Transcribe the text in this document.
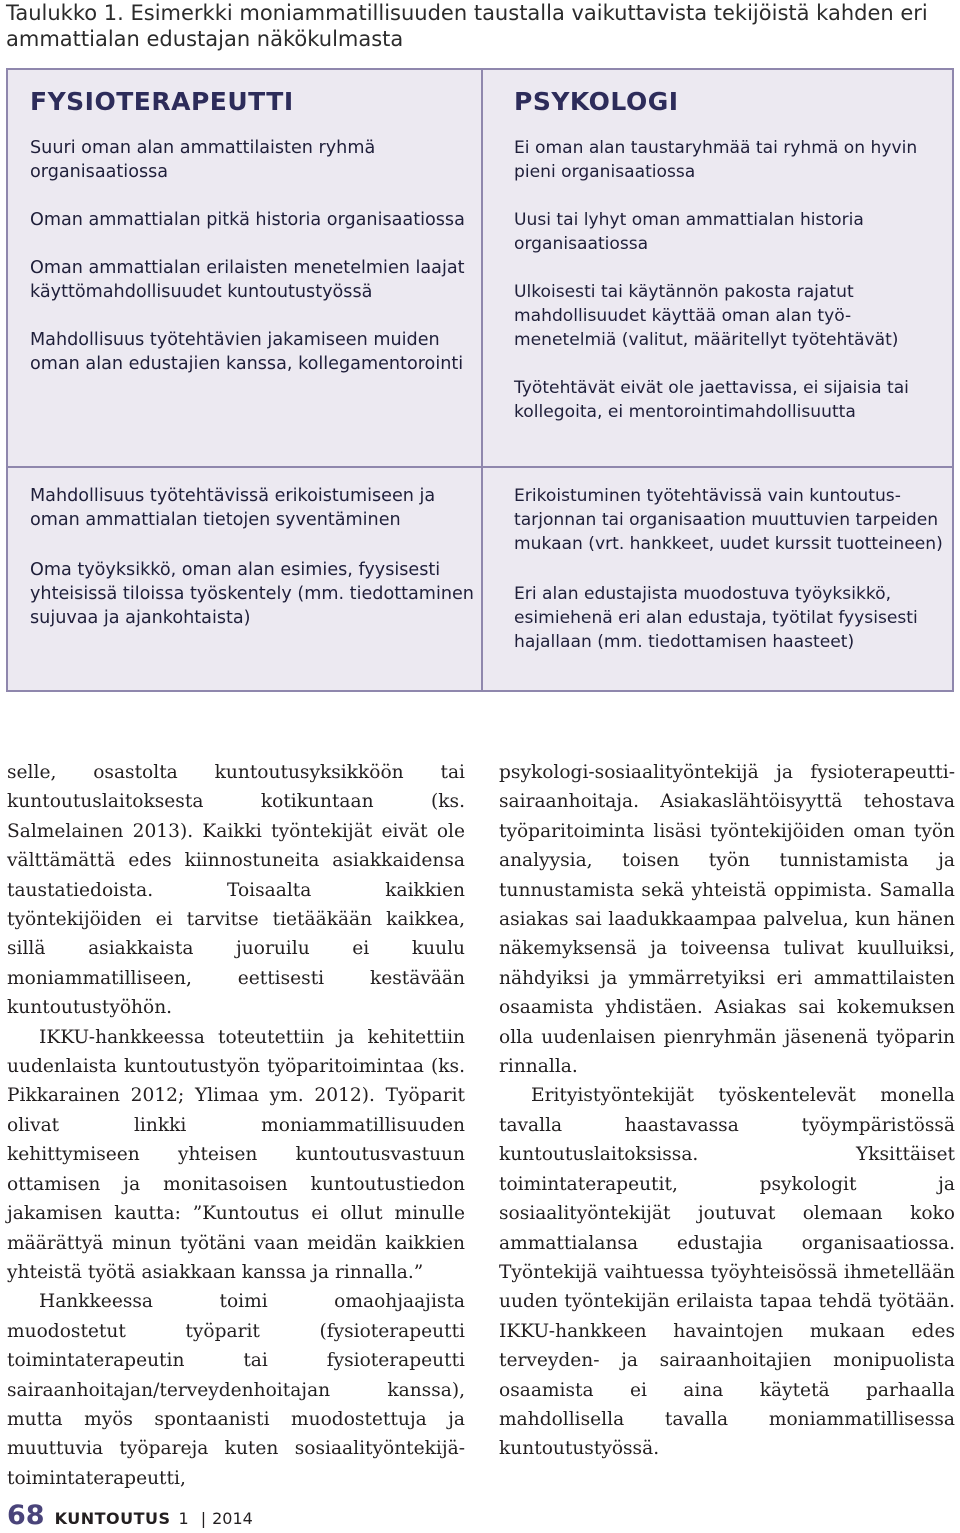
Taulukko 1. Esimerkki moniammatillisuuden taustalla vaikuttavista tekijöistä kahden eri ammattialan edustajan näkökulmasta

FYSIOTERAPEUTTI

Suuri oman alan ammattilaisten ryhmä organisaatiossa

Oman ammattialan pitkä historia organisaatiossa

Oman ammattialan erilaisten menetelmien laajat käyttömahdollisuudet kuntoutustyössä

Mahdollisuus työtehtävien jakamiseen muiden oman alan edustajien kanssa, kollegamentorointi

PSYKOLOGI

Ei oman alan taustaryhmää tai ryhmä on hyvin pieni organisaatiossa

Uusi tai lyhyt oman ammattialan historia organisaatiossa

Ulkoisesti tai käytännön pakosta rajatut mahdollisuudet käyttää oman alan työ-menetelmiä (valitut, määritellyt työtehtävät)

Työtehtävät eivät ole jaettavissa, ei sijaisia tai kollegoita, ei mentorointimahdollisuutta

Mahdollisuus työtehtävissä erikoistumiseen ja oman ammattialan tietojen syventäminen

Oma työyksikkö, oman alan esimies, fyysisesti yhteisissä tiloissa työskentely (mm. tiedottaminen sujuvaa ja ajankohtaista)

Erikoistuminen työtehtävissä vain kuntoutus-tarjonnan tai organisaation muuttuvien tarpeiden mukaan (vrt. hankkeet, uudet kurssit tuotteineen)

Eri alan edustajista muodostuva työyksikkö, esimiehenä eri alan edustaja, työtilat fyysisesti hajallaan (mm. tiedottamisen haasteet)

selle, osastolta kuntoutusyksikköön tai kuntoutuslaitoksesta kotikuntaan (ks. Salmelainen 2013). Kaikki työntekijät eivät ole välttämättä edes kiinnostuneita asiakkaidensa taustatiedoista. Toisaalta kaikkien työntekijöiden ei tarvitse tietääkään kaikkea, sillä asiakkaista juoruilu ei kuulu moniammatilliseen, eettisesti kestävään kuntoutustyöhön.

IKKU-hankkeessa toteutettiin ja kehitettiin uudenlaista kuntoutustyön työparitoimintaa (ks. Pikkarainen 2012; Ylimaa ym. 2012). Työparit olivat linkki moniammatillisuuden kehittymiseen yhteisen kuntoutusvastuun ottamisen ja monitasoisen kuntoutustiedon jakamisen kautta: ”Kuntoutus ei ollut minulle määrättyä minun työtäni vaan meidän kaikkien yhteistä työtä asiakkaan kanssa ja rinnalla.”

Hankkeessa toimi omaohjaajista muodostetut työparit (fysioterapeutti toimintaterapeutin tai fysioterapeutti sairaanhoitajan/terveydenhoitajan kanssa), mutta myös spontaanisti muodostettuja ja muuttuvia työpareja kuten sosiaalityöntekijä-toimintaterapeutti,

psykologi-sosiaalityöntekijä ja fysioterapeutti-sairaanhoitaja. Asiakaslähtöisyyttä tehostava työparitoiminta lisäsi työntekijöiden oman työn analyysia, toisen työn tunnistamista ja tunnustamista sekä yhteistä oppimista. Samalla asiakas sai laadukkaampaa palvelua, kun hänen näkemyksensä ja toiveensa tulivat kuulluiksi, nähdyiksi ja ymmärretyiksi eri ammattilaisten osaamista yhdistäen. Asiakas sai kokemuksen olla uudenlaisen pienryhmän jäsenenä työparin rinnalla.

Erityistyöntekijät työskentelevät monella tavalla haastavassa työympäristössä kuntoutuslaitoksissa. Yksittäiset toimintaterapeutit, psykologit ja sosiaalityöntekijät joutuvat olemaan koko ammattialansa edustajia organisaatiossa. Työntekijä vaihtuessa työyhteisössä ihmetellään uuden työntekijän erilaista tapaa tehdä työtään. IKKU-hankkeen havaintojen mukaan edes terveyden- ja sairaanhoitajien monipuolista osaamista ei aina käytetä parhaalla mahdollisella tavalla moniammatillisessa kuntoutustyössä.

68 KUNTOUTUS 1 | 2014
